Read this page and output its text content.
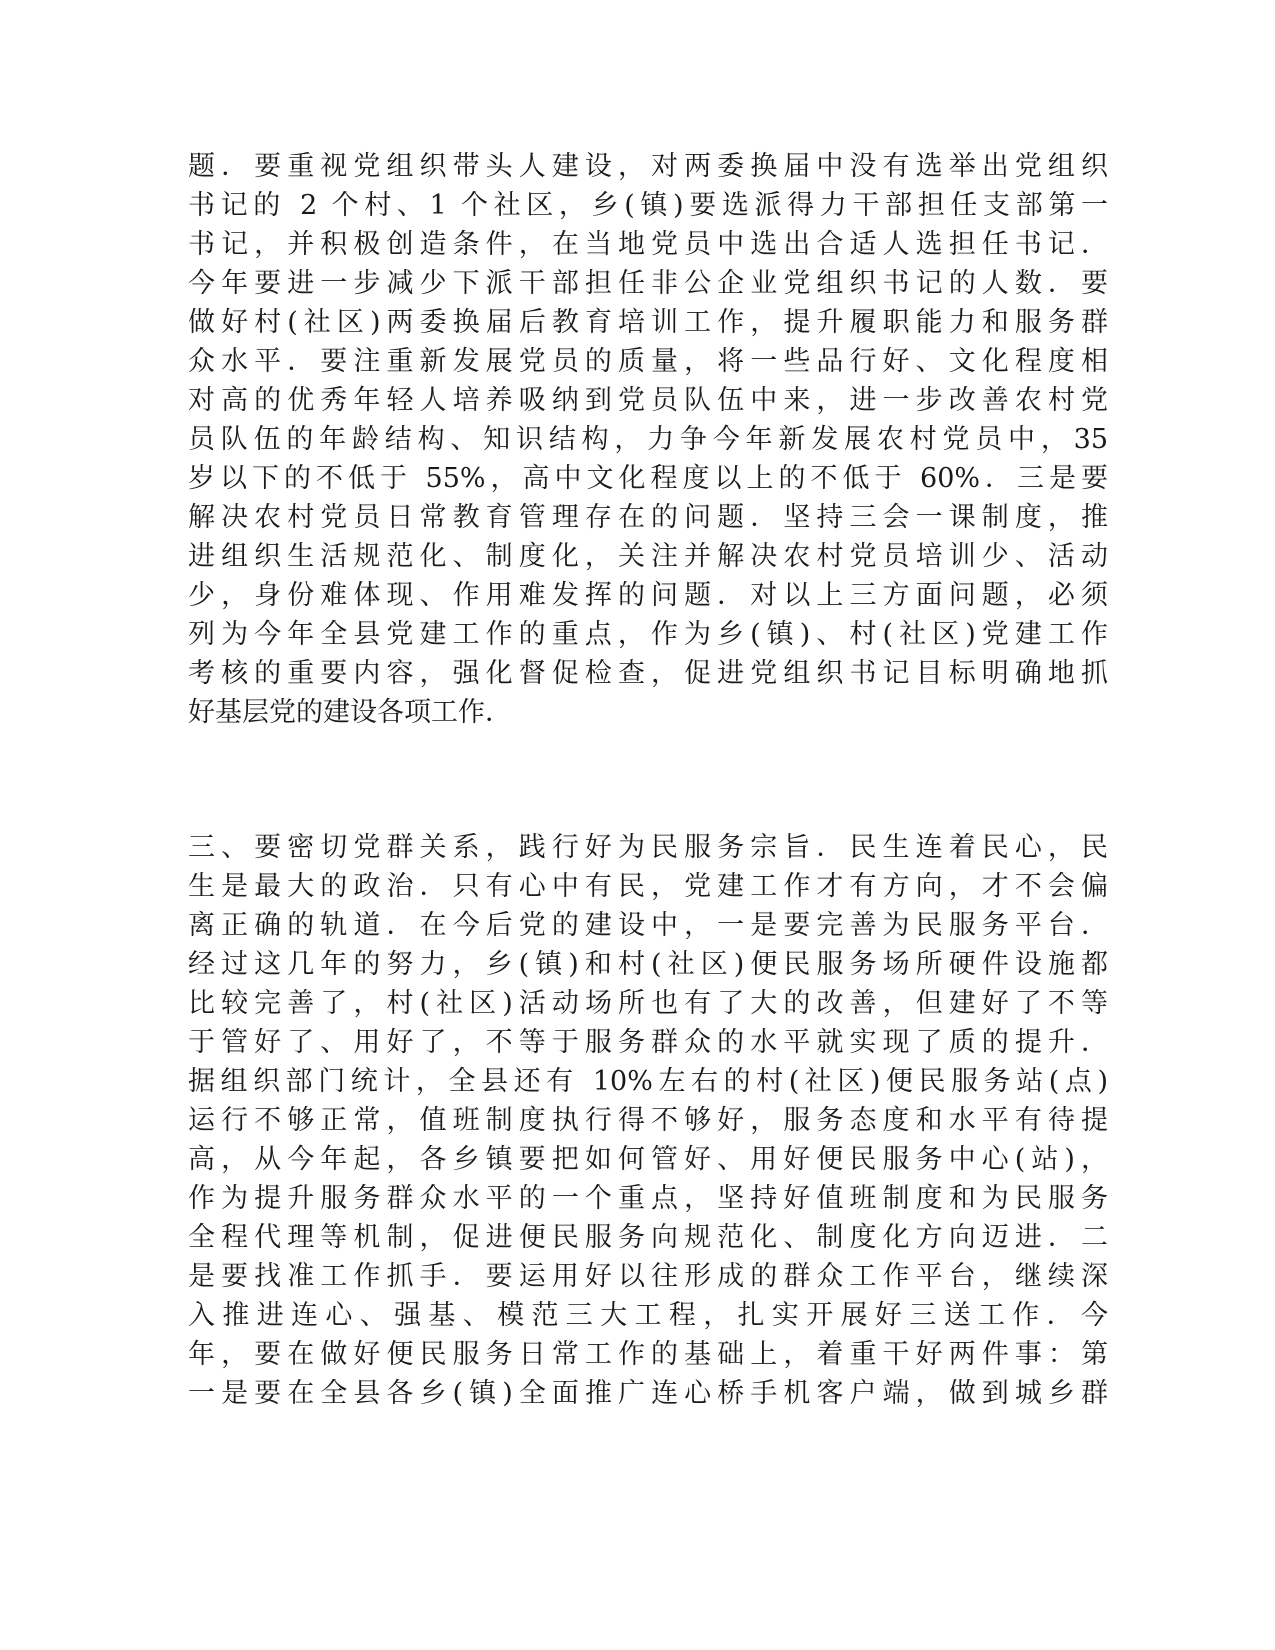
题．要重视党组织带头人建设，对两委换届中没有选举出党组织
书记的 2 个村、1 个社区，乡(镇)要选派得力干部担任支部第一
书记，并积极创造条件，在当地党员中选出合适人选担任书记．
今年要进一步减少下派干部担任非公企业党组织书记的人数．要
做好村(社区)两委换届后教育培训工作，提升履职能力和服务群
众水平．要注重新发展党员的质量，将一些品行好、文化程度相
对高的优秀年轻人培养吸纳到党员队伍中来，进一步改善农村党
员队伍的年龄结构、知识结构，力争今年新发展农村党员中，35
岁以下的不低于 55%，高中文化程度以上的不低于 60%．三是要
解决农村党员日常教育管理存在的问题．坚持三会一课制度，推
进组织生活规范化、制度化，关注并解决农村党员培训少、活动
少，身份难体现、作用难发挥的问题．对以上三方面问题，必须
列为今年全县党建工作的重点，作为乡(镇)、村(社区)党建工作
考核的重要内容，强化督促检查，促进党组织书记目标明确地抓
好基层党的建设各项工作．
三、要密切党群关系，践行好为民服务宗旨．民生连着民心，民
生是最大的政治．只有心中有民，党建工作才有方向，才不会偏
离正确的轨道．在今后党的建设中，一是要完善为民服务平台．
经过这几年的努力，乡(镇)和村(社区)便民服务场所硬件设施都
比较完善了，村(社区)活动场所也有了大的改善，但建好了不等
于管好了、用好了，不等于服务群众的水平就实现了质的提升．
据组织部门统计，全县还有 10%左右的村(社区)便民服务站(点)
运行不够正常，值班制度执行得不够好，服务态度和水平有待提
高，从今年起，各乡镇要把如何管好、用好便民服务中心(站)，
作为提升服务群众水平的一个重点，坚持好值班制度和为民服务
全程代理等机制，促进便民服务向规范化、制度化方向迈进．二
是要找准工作抓手．要运用好以往形成的群众工作平台，继续深
入推进连心、强基、模范三大工程，扎实开展好三送工作．今
年，要在做好便民服务日常工作的基础上，着重干好两件事：第
一是要在全县各乡(镇)全面推广连心桥手机客户端，做到城乡群
